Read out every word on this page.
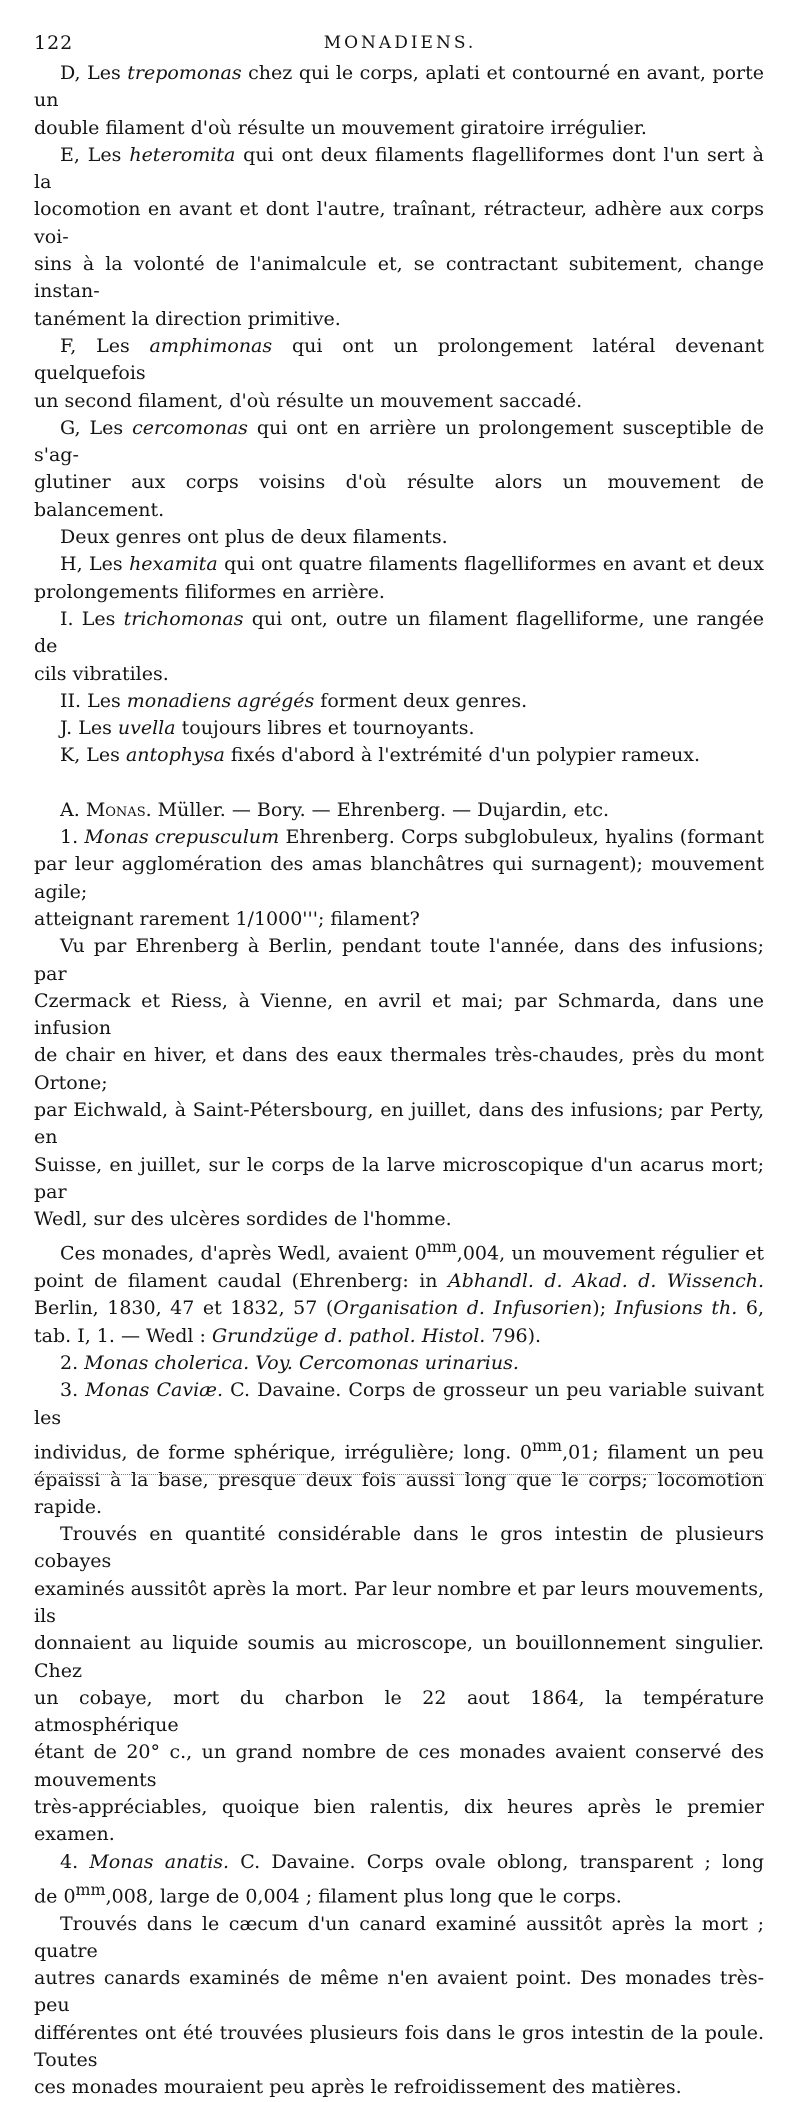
122	MONADIENS.

D, Les trepomonas chez qui le corps, aplati et contourné en avant, porte un

double filament d'où résulte un mouvement giratoire irrégulier.

E, Les heteromita qui ont deux filaments flagelliformes dont l'un sert à la

locomotion en avant et dont l'autre, traînant, rétracteur, adhère aux corps voi-

sins à la volonté de l'animalcule et, se contractant subitement, change instan-

tanément la direction primitive.

F, Les amphimonas qui ont un prolongement latéral devenant quelquefois

un second filament, d'où résulte un mouvement saccadé.

G, Les cercomonas qui ont en arrière un prolongement susceptible de s'ag-

glutiner aux corps voisins d'où résulte alors un mouvement de balancement.

Deux genres ont plus de deux filaments.

H, Les hexamita qui ont quatre filaments flagelliformes en avant et deux

prolongements filiformes en arrière.

I. Les trichomonas qui ont, outre un filament flagelliforme, une rangée de

cils vibratiles.

II. Les monadiens agrégés forment deux genres.

J. Les uvella toujours libres et tournoyants.

K, Les antophysa fixés d'abord à l'extrémité d'un polypier rameux.

A. Monas. Müller. — Bory. — Ehrenberg. — Dujardin, etc.

1. Monas crepusculum Ehrenberg. Corps subglobuleux, hyalins (formant

par leur agglomération des amas blanchâtres qui surnagent); mouvement agile;

atteignant rarement 1/1000'''; filament?

Vu par Ehrenberg à Berlin, pendant toute l'année, dans des infusions; par

Czermack et Riess, à Vienne, en avril et mai; par Schmarda, dans une infusion

de chair en hiver, et dans des eaux thermales très-chaudes, près du mont Ortone;

par Eichwald, à Saint-Pétersbourg, en juillet, dans des infusions; par Perty, en

Suisse, en juillet, sur le corps de la larve microscopique d'un acarus mort; par

Wedl, sur des ulcères sordides de l'homme.

Ces monades, d'après Wedl, avaient $0^{mm},004$, un mouvement régulier et

point de filament caudal (Ehrenberg: in Abhandl. d. Akad. d. Wissench.

Berlin, 1830, 47 et 1832, 57 (Organisation d. Infusorien); Infusions th. 6,

tab. I, 1. — Wedl : Grundzüge d. pathol. Histol. 796).

2. Monas cholerica. Voy. Cercomonas urinarius.

3. Monas Caviæ. C. Davaine. Corps de grosseur un peu variable suivant les

individus, de forme sphérique, irrégulière; long. $0^{mm},01$; filament un peu

épaissi à la base, presque deux fois aussi long que le corps; locomotion rapide.

Trouvés en quantité considérable dans le gros intestin de plusieurs cobayes

examinés aussitôt après la mort. Par leur nombre et par leurs mouvements, ils

donnaient au liquide soumis au microscope, un bouillonnement singulier. Chez

un cobaye, mort du charbon le 22 aout 1864, la température atmosphérique

étant de 20° c., un grand nombre de ces monades avaient conservé des mouvements

très-appréciables, quoique bien ralentis, dix heures après le premier examen.

4. Monas anatis. C. Davaine. Corps ovale oblong, transparent ; long

de $0^{mm},008$, large de 0,004 ; filament plus long que le corps.

Trouvés dans le cæcum d'un canard examiné aussitôt après la mort ; quatre

autres canards examinés de même n'en avaient point. Des monades très-peu

différentes ont été trouvées plusieurs fois dans le gros intestin de la poule. Toutes

ces monades mouraient peu après le refroidissement des matières.
